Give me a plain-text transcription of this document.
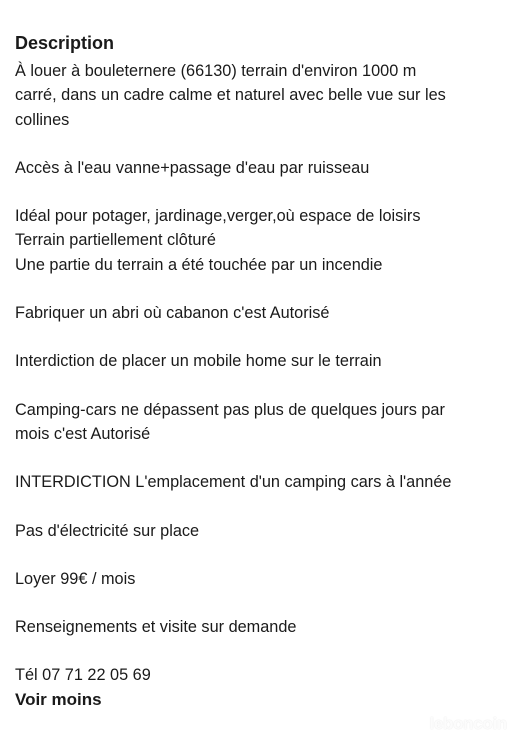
Description
À louer à bouleternere (66130) terrain d'environ 1000 m
carré, dans un cadre calme et naturel avec belle vue sur les
collines
Accès à l'eau vanne+passage d'eau par ruisseau
Idéal pour potager, jardinage,verger,où espace de loisirs
Terrain partiellement clôturé
Une partie du terrain a été touchée par un incendie
Fabriquer un abri où cabanon c'est Autorisé
Interdiction de placer un mobile home sur le terrain
Camping-cars ne dépassent pas plus de quelques jours par
mois c'est Autorisé
INTERDICTION L'emplacement d'un camping cars à l'année
Pas d'électricité sur place
Loyer 99€ / mois
Renseignements et visite sur demande
Tél 07 71 22 05 69
Voir moins
leboncoin
